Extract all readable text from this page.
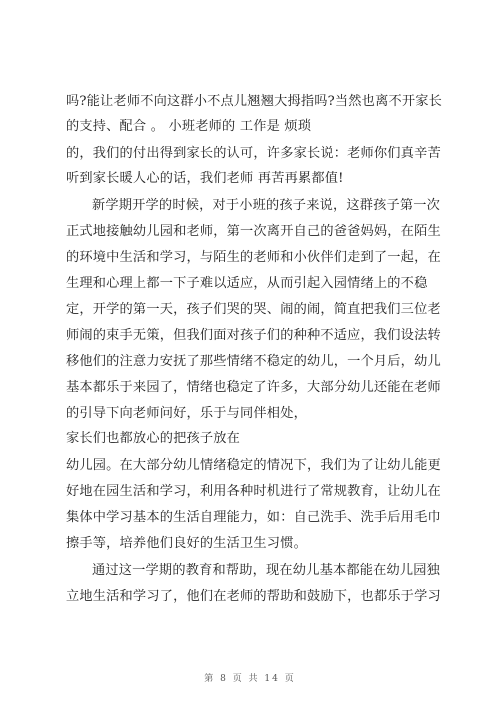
吗?能让老师不向这群小不点儿翘翘大拇指吗?当然也离不开家长
的支持、配合 。 小班老师的 工作是 烦琐
的，我们的付出得到家长的认可，许多家长说：老师你们真辛苦
听到家长暖人心的话，我们老师 再苦再累都值!
新学期开学的时候，对于小班的孩子来说，这群孩子第一次
正式地接触幼儿园和老师，第一次离开自己的爸爸妈妈，在陌生
的环境中生活和学习，与陌生的老师和小伙伴们走到了一起，在
生理和心理上都一下子难以适应，从而引起入园情绪上的不稳
定，开学的第一天，孩子们哭的哭、闹的闹，简直把我们三位老
师闹的束手无策，但我们面对孩子们的种种不适应，我们设法转
移他们的注意力安抚了那些情绪不稳定的幼儿，一个月后，幼儿
基本都乐于来园了，情绪也稳定了许多，大部分幼儿还能在老师
的引导下向老师问好，乐于与同伴相处，
家长们也都放心的把孩子放在
幼儿园。在大部分幼儿情绪稳定的情况下，我们为了让幼儿能更
好地在园生活和学习，利用各种时机进行了常规教育，让幼儿在
集体中学习基本的生活自理能力，如：自己洗手、洗手后用毛巾
擦手等，培养他们良好的生活卫生习惯。
通过这一学期的教育和帮助，现在幼儿基本都能在幼儿园独
立地生活和学习了，他们在老师的帮助和鼓励下，也都乐于学习
第 8 页 共 14 页
